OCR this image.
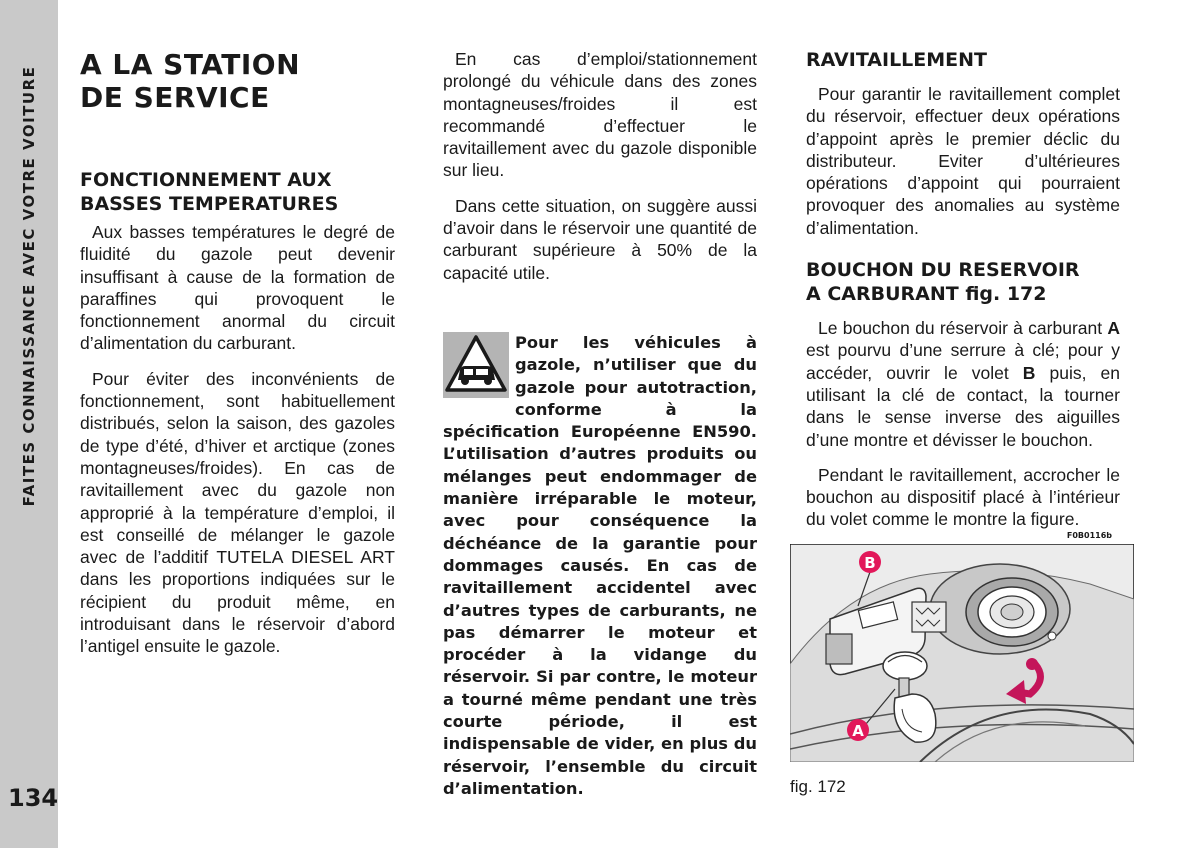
FAITES CONNAISSANCE AVEC VOTRE VOITURE
134
A LA STATION
DE SERVICE
FONCTIONNEMENT AUX
BASSES TEMPERATURES

Aux basses températures le degré de fluidité du gazole peut devenir insuffisant à cause de la formation de paraffines qui provoquent le fonctionnement anormal du circuit d’alimentation du carburant.

Pour éviter des inconvénients de fonctionnement, sont habituellement distribués, selon la saison, des gazoles de type d’été, d’hiver et arctique (zones montagneuses/froides). En cas de ravitaillement avec du gazole non approprié à la température d’emploi, il est conseillé de mélanger le gazole avec de l’additif TUTELA DIESEL ART dans les proportions indiquées sur le récipient du produit même, en introduisant dans le réservoir d’abord l’antigel ensuite le gazole.

En cas d’emploi/stationnement prolongé du véhicule dans des zones montagneuses/froides il est recommandé d’effectuer le ravitaillement avec du gazole disponible sur lieu.

Dans cette situation, on suggère aussi d’avoir dans le réservoir une quantité de carburant supérieure à 50% de la capacité utile.

Pour les véhicules à gazole, n’utiliser que du gazole pour autotraction, conforme à la spécification Européenne EN590. L’utilisation d’autres produits ou mélanges peut endommager de manière irréparable le moteur, avec pour conséquence la déchéance de la garantie pour dommages causés. En cas de ravitaillement accidentel avec d’autres types de carburants, ne pas démarrer le moteur et procéder à la vidange du réservoir. Si par contre, le moteur a tourné même pendant une très courte période, il est indispensable de vider, en plus du réservoir, l’ensemble du circuit d’alimentation.
RAVITAILLEMENT

Pour garantir le ravitaillement complet du réservoir, effectuer deux opérations d’appoint après le premier déclic du distributeur. Eviter d’ultérieures opérations d’appoint qui pourraient provoquer des anomalies au système d’alimentation.

BOUCHON DU RESERVOIR
A CARBURANT fig. 172

Le bouchon du réservoir à carburant A est pourvu d’une serrure à clé; pour y accéder, ouvrir le volet B puis, en utilisant la clé de contact, la tourner dans le sense inverse des aiguilles d’une montre et dévisser le bouchon.

Pendant le ravitaillement, accrocher le bouchon au dispositif placé à l’intérieur du volet comme le montre la figure.

F0B0116b
B
A
fig. 172
